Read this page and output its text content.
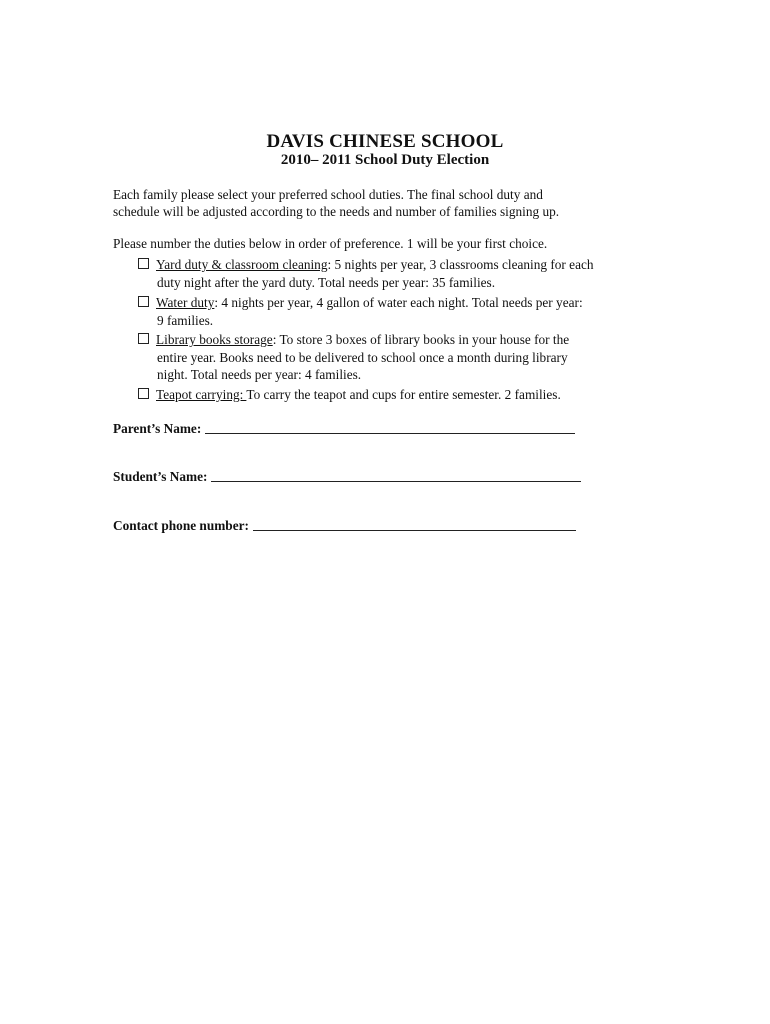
DAVIS CHINESE SCHOOL
2010– 2011 School Duty Election
Each family please select your preferred school duties. The final school duty and
schedule will be adjusted according to the needs and number of families signing up.
Please number the duties below in order of preference. 1 will be your first choice.
Yard duty & classroom cleaning: 5 nights per year, 3 classrooms cleaning for each
duty night after the yard duty. Total needs per year: 35 families.
Water duty: 4 nights per year, 4 gallon of water each night. Total needs per year:
9 families.
Library books storage: To store 3 boxes of library books in your house for the
entire year. Books need to be delivered to school once a month during library
night. Total needs per year: 4 families.
Teapot carrying: To carry the teapot and cups for entire semester. 2 families.
Parent’s Name:
Student’s Name:
Contact phone number:
